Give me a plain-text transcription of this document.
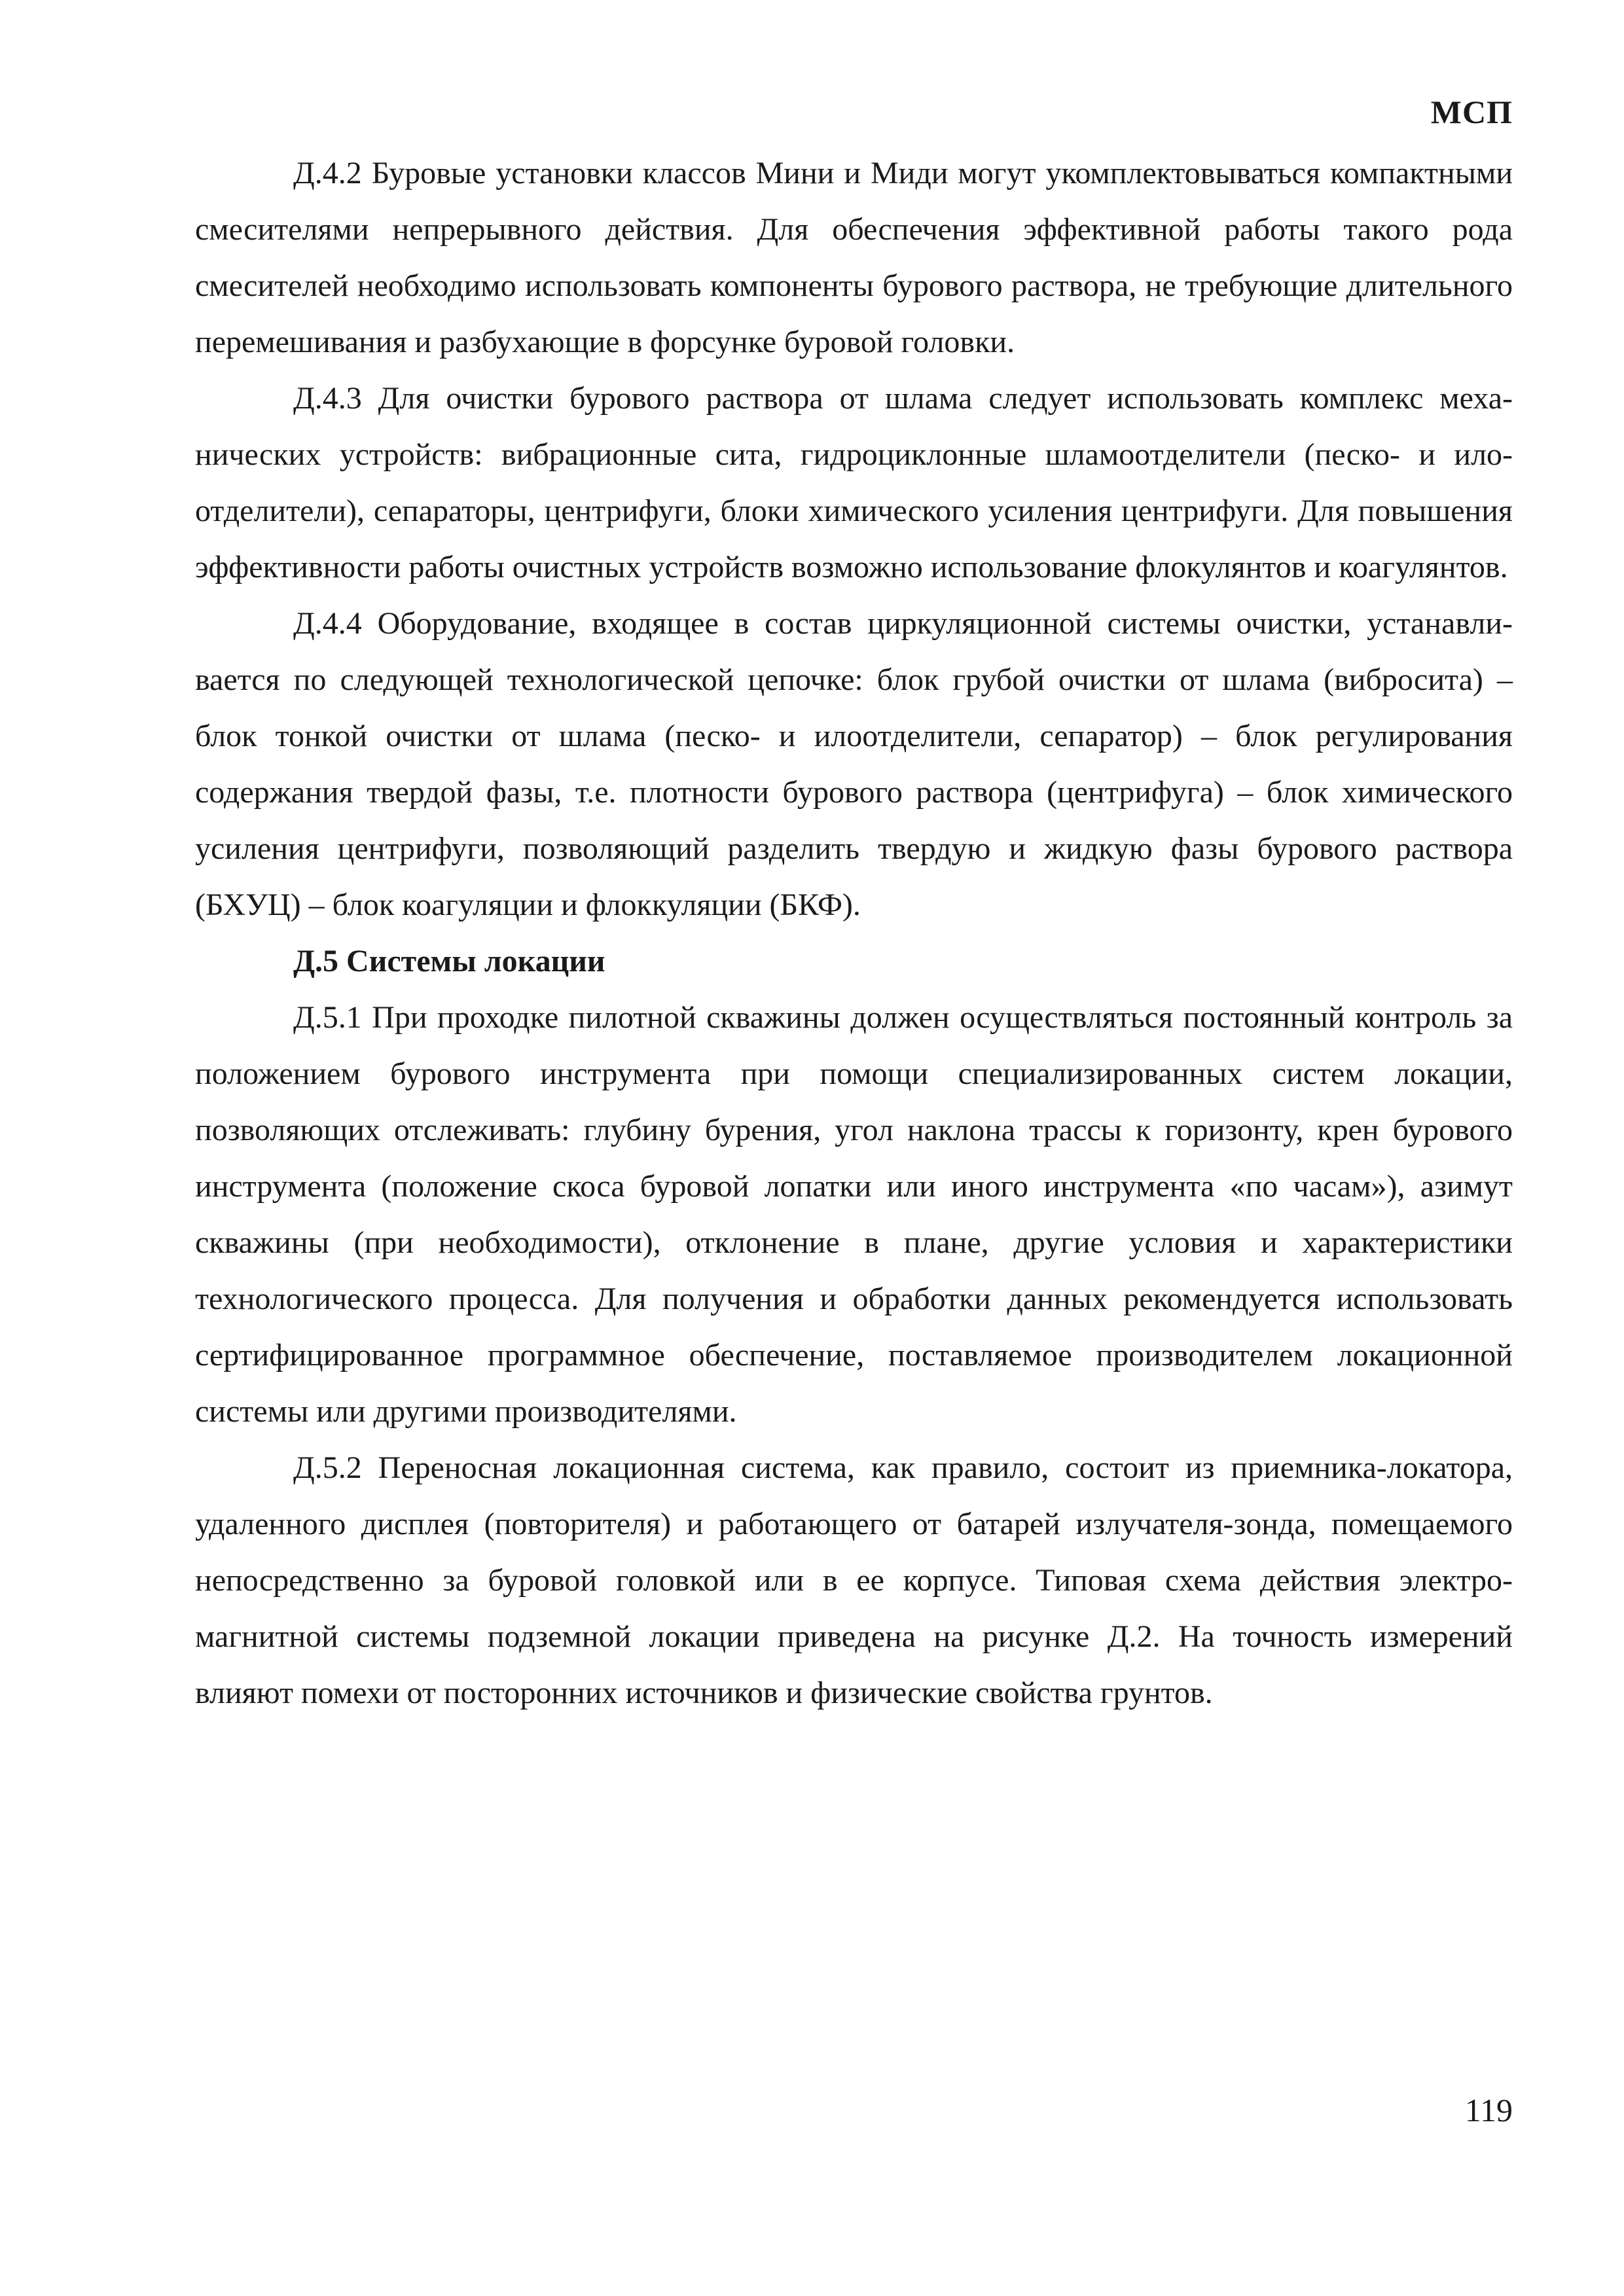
МСП

Д.4.2 Буровые установки классов Мини и Миди могут укомплектовываться компактными смесителями непрерывного действия. Для обеспечения эффективной работы такого рода смесителей необходимо использовать компоненты бурового раствора, не требующие длительного перемешивания и разбухающие в форсунке буровой головки.

Д.4.3 Для очистки бурового раствора от шлама следует использовать комплекс механических устройств: вибрационные сита, гидроциклонные шламоотделители (песко- и илоотделители), сепараторы, центрифуги, блоки химического усиления центрифуги. Для повышения эффективности работы очистных устройств возможно использование флокулянтов и коагулянтов.

Д.4.4 Оборудование, входящее в состав циркуляционной системы очистки, устанавливается по следующей технологической цепочке: блок грубой очистки от шлама (вибросита) – блок тонкой очистки от шлама (песко- и илоотделители, сепаратор) – блок регулирования содержания твердой фазы, т.е. плотности бурового раствора (центрифуга) – блок химического усиления центрифуги, позволяющий разделить твердую и жидкую фазы бурового раствора (БХУЦ) – блок коагуляции и флоккуляции (БКФ).

Д.5 Системы локации

Д.5.1 При проходке пилотной скважины должен осуществляться постоянный контроль за положением бурового инструмента при помощи специализированных систем локации, позволяющих отслеживать: глубину бурения, угол наклона трассы к горизонту, крен бурового инструмента (положение скоса буровой лопатки или иного инструмента «по часам»), азимут скважины (при необходимости), отклонение в плане, другие условия и характеристики технологического процесса. Для получения и обработки данных рекомендуется использовать сертифицированное программное обеспечение, поставляемое производителем локационной системы или другими производителями.

Д.5.2 Переносная локационная система, как правило, состоит из приемника-локатора, удаленного дисплея (повторителя) и работающего от батарей излучателя-зонда, помещаемого непосредственно за буровой головкой или в ее корпусе. Типовая схема действия электромагнитной системы подземной локации приведена на рисунке Д.2. На точность измерений влияют помехи от посторонних источников и физические свойства грунтов.

119
